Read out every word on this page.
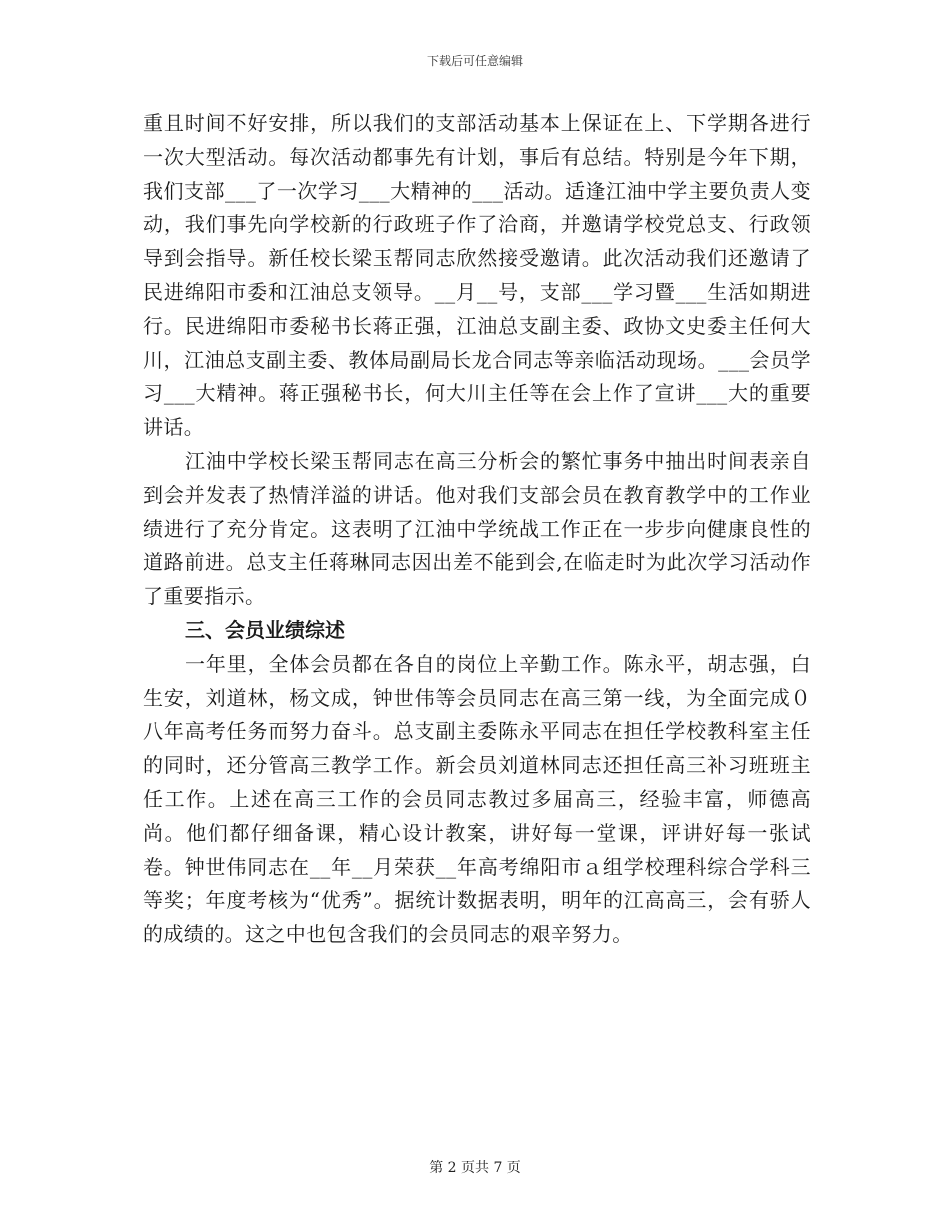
下载后可任意编辑

重且时间不好安排，所以我们的支部活动基本上保证在上、下学期各进行一次大型活动。每次活动都事先有计划，事后有总结。特别是今年下期，我们支部___了一次学习___大精神的___活动。适逢江油中学主要负责人变动，我们事先向学校新的行政班子作了洽商，并邀请学校党总支、行政领导到会指导。新任校长梁玉帮同志欣然接受邀请。此次活动我们还邀请了民进绵阳市委和江油总支领导。__月__号，支部___学习暨___生活如期进行。民进绵阳市委秘书长蒋正强，江油总支副主委、政协文史委主任何大川，江油总支副主委、教体局副局长龙合同志等亲临活动现场。___会员学习___大精神。蒋正强秘书长，何大川主任等在会上作了宣讲___大的重要讲话。

江油中学校长梁玉帮同志在高三分析会的繁忙事务中抽出时间表亲自到会并发表了热情洋溢的讲话。他对我们支部会员在教育教学中的工作业绩进行了充分肯定。这表明了江油中学统战工作正在一步步向健康良性的道路前进。总支主任蒋琳同志因出差不能到会,在临走时为此次学习活动作了重要指示。

三、会员业绩综述

一年里，全体会员都在各自的岗位上辛勤工作。陈永平，胡志强，白生安，刘道林，杨文成，钟世伟等会员同志在高三第一线，为全面完成０八年高考任务而努力奋斗。总支副主委陈永平同志在担任学校教科室主任的同时，还分管高三教学工作。新会员刘道林同志还担任高三补习班班主任工作。上述在高三工作的会员同志教过多届高三，经验丰富，师德高尚。他们都仔细备课，精心设计教案，讲好每一堂课，评讲好每一张试卷。钟世伟同志在__年__月荣获__年高考绵阳市ａ组学校理科综合学科三等奖；年度考核为“优秀”。据统计数据表明，明年的江高高三，会有骄人的成绩的。这之中也包含我们的会员同志的艰辛努力。

第 2 页共 7 页
